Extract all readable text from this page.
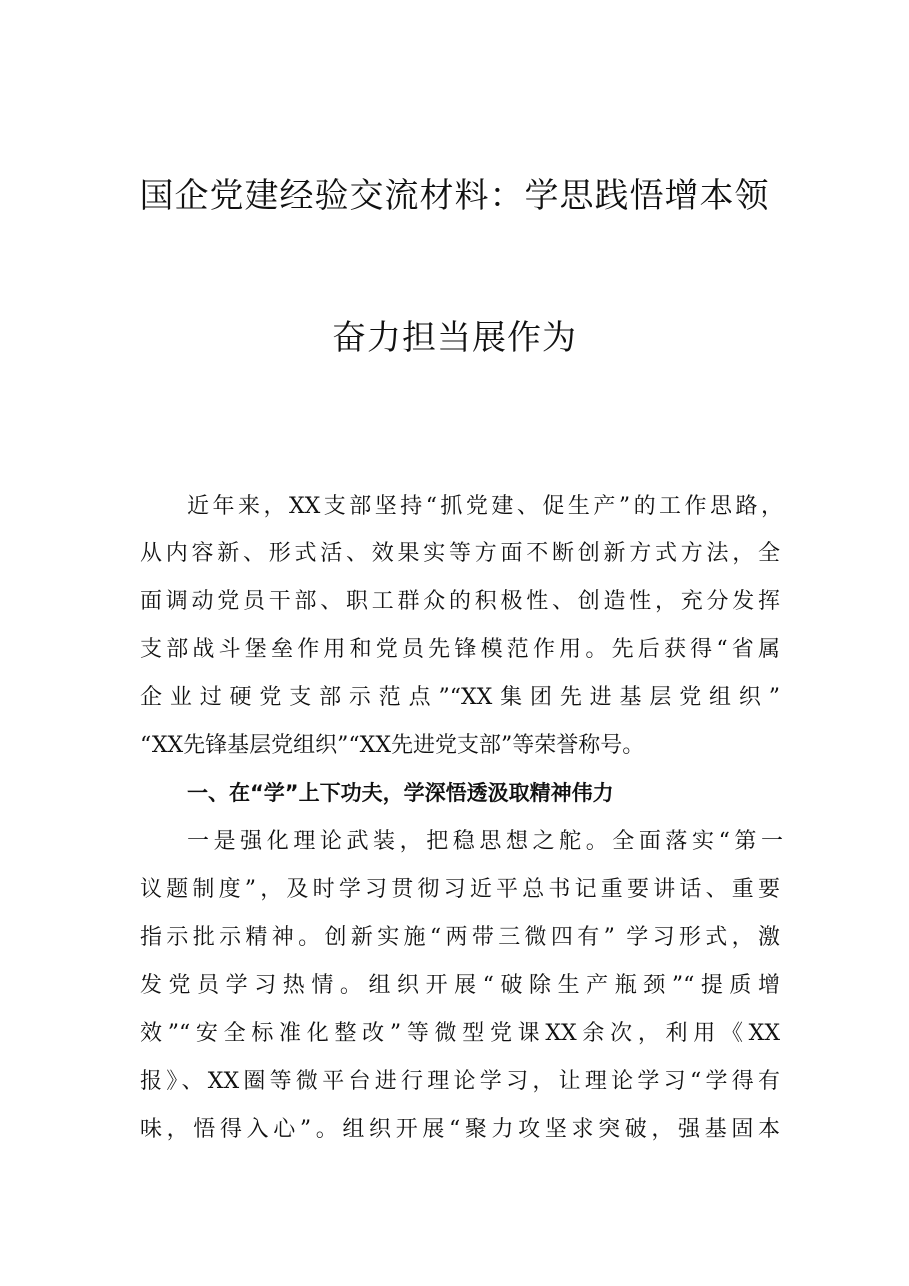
国企党建经验交流材料：学思践悟增本领
奋力担当展作为
近年来，XX支部坚持“抓党建、促生产”的工作思路，
从内容新、形式活、效果实等方面不断创新方式方法，全
面调动党员干部、职工群众的积极性、创造性，充分发挥
支部战斗堡垒作用和党员先锋模范作用。先后获得“省属
企业过硬党支部示范点”“XX集团先进基层党组织”
“XX先锋基层党组织”“XX先进党支部”等荣誉称号。
一、在“学”上下功夫，学深悟透汲取精神伟力
一是强化理论武装，把稳思想之舵。全面落实“第一
议题制度”，及时学习贯彻习近平总书记重要讲话、重要
指示批示精神。创新实施“两带三微四有” 学习形式，激
发党员学习热情。组织开展“破除生产瓶颈”“提质增
效”“安全标准化整改”等微型党课XX余次，利用《XX
报》、XX圈等微平台进行理论学习，让理论学习“学得有
味，悟得入心”。组织开展“聚力攻坚求突破，强基固本
